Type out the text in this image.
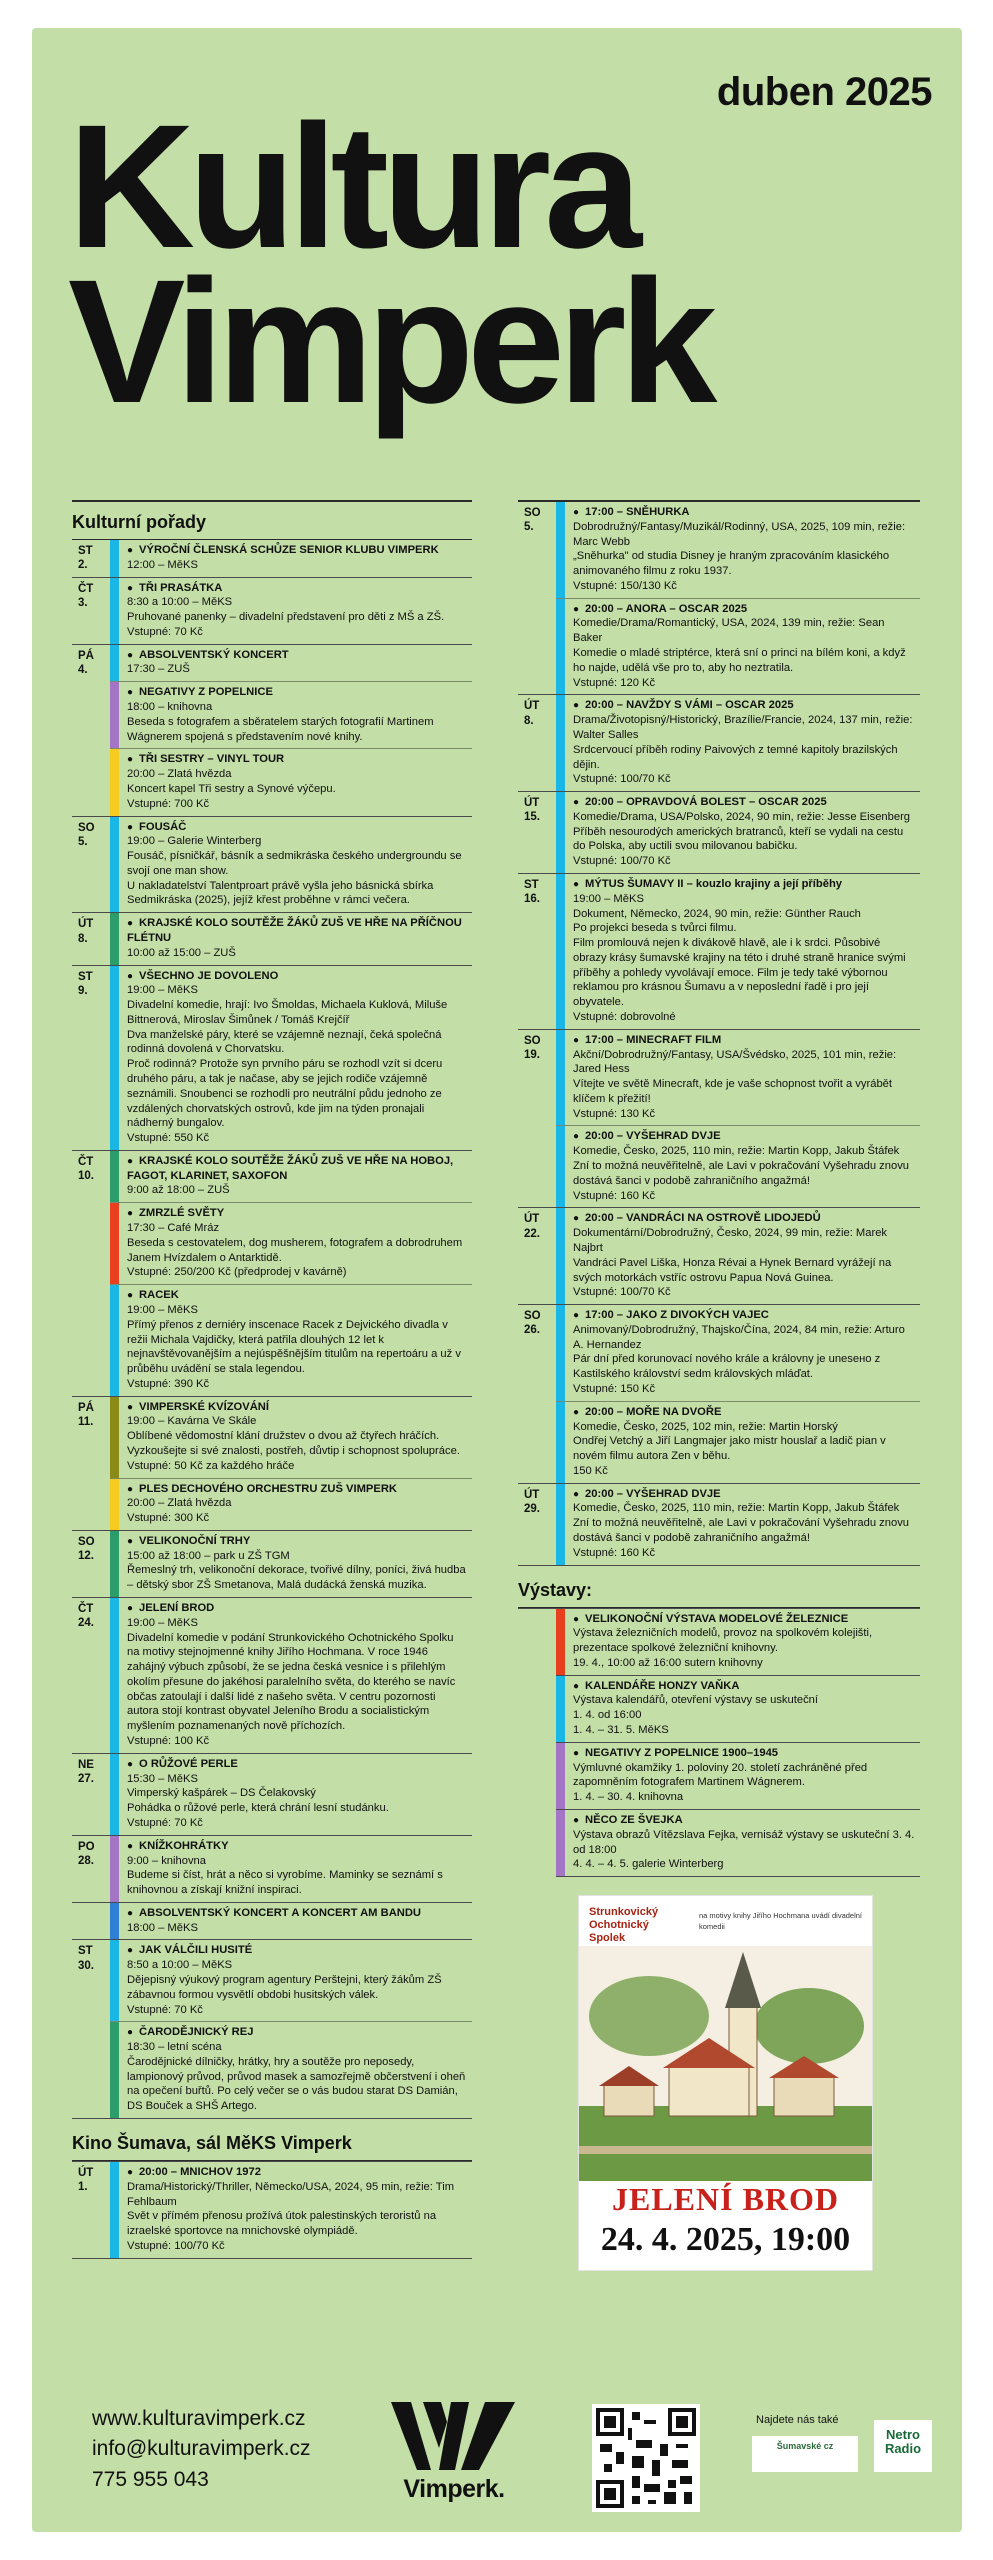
duben 2025
Kultura
Vimperk
Kulturní pořady
ST
2.
● VÝROČNÍ ČLENSKÁ SCHŮZE SENIOR KLUBU VIMPERK
12:00 – MěKS
ČT
3.
● TŘI PRASÁTKA
8:30 a 10:00 – MěKS
Pruhované panenky – divadelní představení pro děti z MŠ a ZŠ.
Vstupné: 70 Kč
PÁ
4.
● ABSOLVENTSKÝ KONCERT
17:30 – ZUŠ
● NEGATIVY Z POPELNICE
18:00 – knihovna
Beseda s fotografem a sběratelem starých fotografií Martinem Wágnerem spojená s představením nové knihy.
● TŘI SESTRY – VINYL TOUR
20:00 – Zlatá hvězda
Koncert kapel Tři sestry a Synové výčepu.
Vstupné: 700 Kč
SO
5.
● FOUSÁČ
19:00 – Galerie Winterberg
Fousáč, písničkář, básník a sedmikráska českého undergroundu se svojí one man show.
U nakladatelství Talentproart právě vyšla jeho básnická sbírka Sedmikráska (2025), jejíž křest proběhne v rámci večera.
ÚT
8.
● KRAJSKÉ KOLO SOUTĚŽE ŽÁKŮ ZUŠ VE HŘE NA PŘÍČNOU FLÉTNU
10:00 až 15:00 – ZUŠ
ST
9.
● VŠECHNO JE DOVOLENO
19:00 – MěKS
Divadelní komedie, hrají: Ivo Šmoldas, Michaela Kuklová, Miluše Bittnerová, Miroslav Šimůnek / Tomáš Krejčíř
Dva manželské páry, které se vzájemně neznají, čeká společná rodinná dovolená v Chorvatsku.
Proč rodinná? Protože syn prvního páru se rozhodl vzít si dceru druhého páru, a tak je načase, aby se jejich rodiče vzájemně seznámili. Snoubenci se rozhodli pro neutrální půdu jednoho ze vzdálených chorvatských ostrovů, kde jim na týden pronajali nádherný bungalov.
Vstupné: 550 Kč
ČT
10.
● KRAJSKÉ KOLO SOUTĚŽE ŽÁKŮ ZUŠ VE HŘE NA HOBOJ, FAGOT, KLARINET, SAXOFON
9:00 až 18:00 – ZUŠ
● ZMRZLÉ SVĚTY
17:30 – Café Mráz
Beseda s cestovatelem, dog musherem, fotografem a dobrodruhem Janem Hvízdalem o Antarktidě.
Vstupné: 250/200 Kč (předprodej v kavárně)
● RACEK
19:00 – MěKS
Přímý přenos z derniéry inscenace Racek z Dejvického divadla v režii Michala Vajdičky, která patřila dlouhých 12 let k nejnavštěvovanějším a nejúspěšnějším titulům na repertoáru a už v průběhu uvádění se stala legendou.
Vstupné: 390 Kč
PÁ
11.
● VIMPERSKÉ KVÍZOVÁNÍ
19:00 – Kavárna Ve Skále
Oblíbené vědomostní klání družstev o dvou až čtyřech hráčích. Vyzkoušejte si své znalosti, postřeh, důvtip i schopnost spolupráce.
Vstupné: 50 Kč za každého hráče
● PLES DECHOVÉHO ORCHESTRU ZUŠ VIMPERK
20:00 – Zlatá hvězda
Vstupné: 300 Kč
SO
12.
● VELIKONOČNÍ TRHY
15:00 až 18:00 – park u ZŠ TGM
Řemeslný trh, velikonoční dekorace, tvořivé dílny, poníci, živá hudba – dětský sbor ZŠ Smetanova, Malá dudácká ženská muzika.
ČT
24.
● JELENÍ BROD
19:00 – MěKS
Divadelní komedie v podání Strunkovického Ochotnického Spolku na motivy stejnojmenné knihy Jiřího Hochmana. V roce 1946 zahájný výbuch způsobí, že se jedna česká vesnice i s přilehlým okolím přesune do jakéhosi paralelního světa, do kterého se navíc občas zatoulají i další lidé z našeho světa. V centru pozornosti autora stojí kontrast obyvatel Jeleního Brodu a socialistickým myšlením poznamenaných nově příchozích.
Vstupné: 100 Kč
NE
27.
● O RŮŽOVÉ PERLE
15:30 – MěKS
Vimperský kašpárek – DS Čelakovský
Pohádka o růžové perle, která chrání lesní studánku.
Vstupné: 70 Kč
PO
28.
● KNÍŽKOHRÁTKY
9:00 – knihovna
Budeme si číst, hrát a něco si vyrobíme. Maminky se seznámí s knihovnou a získají knižní inspiraci.
● ABSOLVENTSKÝ KONCERT A KONCERT AM BANDU
18:00 – MěKS
ST
30.
● JAK VÁLČILI HUSITÉ
8:50 a 10:00 – MěKS
Dějepisný výukový program agentury Perštejni, který žákům ZŠ zábavnou formou vysvětlí obdobi husitských válek.
Vstupné: 70 Kč
● ČARODĚJNICKÝ REJ
18:30 – letní scéna
Čarodějnické dílničky, hrátky, hry a soutěže pro neposedy, lampionový průvod, průvod masek a samozřejmě občerstvení i oheň na opečení buřtů. Po celý večer se o vás budou starat DS Damián, DS Bouček a SHŠ Artego.
Kino Šumava, sál MěKS Vimperk
ÚT
1.
● 20:00 – MNICHOV 1972
Drama/Historický/Thriller, Německo/USA, 2024, 95 min, režie: Tim Fehlbaum
Svět v přímém přenosu prožívá útok palestinských teroristů na izraelské sportovce na mnichovské olympiádě.
Vstupné: 100/70 Kč
SO
5.
● 17:00 – SNĚHURKA
Dobrodružný/Fantasy/Muzikál/Rodinný, USA, 2025, 109 min, režie: Marc Webb
„Sněhurka" od studia Disney je hraným zpracováním klasického animovaného filmu z roku 1937.
Vstupné: 150/130 Kč
● 20:00 – ANORA – OSCAR 2025
Komedie/Drama/Romantický, USA, 2024, 139 min, režie: Sean Baker
Komedie o mladé striptérce, která sní o princi na bílém koni, a když ho najde, udělá vše pro to, aby ho neztratila.
Vstupné: 120 Kč
ÚT
8.
● 20:00 – NAVŽDY S VÁMI – OSCAR 2025
Drama/Životopisný/Historický, Brazílie/Francie, 2024, 137 min, režie: Walter Salles
Srdcervoucí příběh rodiny Paivových z temné kapitoly brazilských dějin.
Vstupné: 100/70 Kč
ÚT
15.
● 20:00 – OPRAVDOVÁ BOLEST – OSCAR 2025
Komedie/Drama, USA/Polsko, 2024, 90 min, režie: Jesse Eisenberg
Příběh nesourodých amerických bratranců, kteří se vydali na cestu do Polska, aby uctili svou milovanou babičku.
Vstupné: 100/70 Kč
ST
16.
● MÝTUS ŠUMAVY II – kouzlo krajiny a její příběhy
19:00 – MěKS
Dokument, Německo, 2024, 90 min, režie: Günther Rauch
Po projekci beseda s tvůrci filmu.
Film promlouvá nejen k divákově hlavě, ale i k srdci. Působivé obrazy krásy šumavské krajiny na této i druhé straně hranice svými příběhy a pohledy vyvolávají emoce. Film je tedy také výbornou reklamou pro krásnou Šumavu a v neposlední řadě i pro její obyvatele.
Vstupné: dobrovolné
SO
19.
● 17:00 – MINECRAFT FILM
Akční/Dobrodružný/Fantasy, USA/Švédsko, 2025, 101 min, režie: Jared Hess
Vítejte ve světě Minecraft, kde je vaše schopnost tvořit a vyrábět klíčem k přežití!
Vstupné: 130 Kč
● 20:00 – VYŠEHRAD DVJE
Komedie, Česko, 2025, 110 min, režie: Martin Kopp, Jakub Štáfek
Zní to možná neuvěřitelně, ale Lavi v pokračování Vyšehradu znovu dostává šanci v podobě zahraničního angažmá!
Vstupné: 160 Kč
ÚT
22.
● 20:00 – VANDRÁCI NA OSTROVĚ LIDOJEDŮ
Dokumentární/Dobrodružný, Česko, 2024, 99 min, režie: Marek Najbrt
Vandráci Pavel Liška, Honza Révai a Hynek Bernard vyrážejí na svých motorkách vstříc ostrovu Papua Nová Guinea.
Vstupné: 100/70 Kč
SO
26.
● 17:00 – JAKO Z DIVOKÝCH VAJEC
Animovaný/Dobrodružný, Thajsko/Čína, 2024, 84 min, režie: Arturo A. Hernandez
Pár dní před korunovací nového krále a královny je unesено z Kastilského království sedm královských mláďat.
Vstupné: 150 Kč
● 20:00 – MOŘE NA DVOŘE
Komedie, Česko, 2025, 102 min, režie: Martin Horský
Ondřej Vetchý a Jiří Langmajer jako mistr houslař a ladič pian v novém filmu autora Zen v běhu.
150 Kč
ÚT
29.
● 20:00 – VYŠEHRAD DVJE
Komedie, Česko, 2025, 110 min, režie: Martin Kopp, Jakub Štáfek
Zní to možná neuvěřitelně, ale Lavi v pokračování Vyšehradu znovu dostává šanci v podobě zahraničního angažmá!
Vstupné: 160 Kč
Výstavy:
● VELIKONOČNÍ VÝSTAVA MODELOVÉ ŽELEZNICE
Výstava železničních modelů, provoz na spolkovém kolejišti, prezentace spolkové železniční knihovny.
19. 4., 10:00 až 16:00 sutern knihovny
● KALENDÁŘE HONZY VAŇKA
Výstava kalendářů, otevření výstavy se uskuteční
1. 4. od 16:00
1. 4. – 31. 5. MěKS
● NEGATIVY Z POPELNICE 1900–1945
Výmluvné okamžiky 1. poloviny 20. století zachráněné před zapomněním fotografem Martinem Wágnerem.
1. 4. – 30. 4. knihovna
● NĚCO ZE ŠVEJKA
Výstava obrazů Vítězslava Fejka, vernisáž výstavy se uskuteční 3. 4. od 18:00
4. 4. – 4. 5. galerie Winterberg
Strunkovický
Ochotnický
Spolek
na motivy knihy Jiřího Hochmana uvádí divadelní komedii
JELENÍ BROD
24. 4. 2025, 19:00
www.kulturavimperk.cz
info@kulturavimperk.cz
775 955 043	Vimperk.
Najdete nás také
Šumavské cz
Netro Radio
